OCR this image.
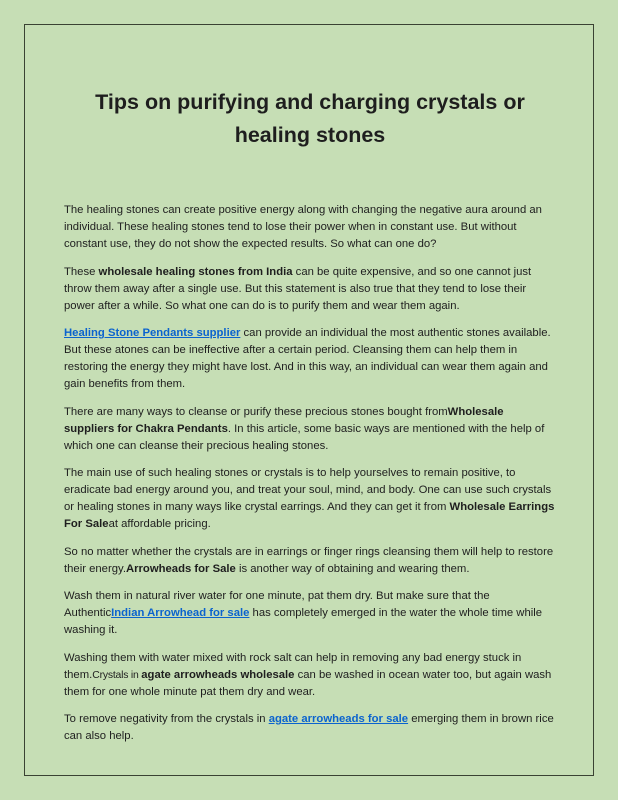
Tips on purifying and charging crystals or
healing stones

The healing stones can create positive energy along with changing the negative aura around an individual. These healing stones tend to lose their power when in constant use. But without constant use, they do not show the expected results. So what can one do?

These wholesale healing stones from India can be quite expensive, and so one cannot just throw them away after a single use. But this statement is also true that they tend to lose their power after a while. So what one can do is to purify them and wear them again.

Healing Stone Pendants supplier can provide an individual the most authentic stones available. But these atones can be ineffective after a certain period. Cleansing them can help them in restoring the energy they might have lost. And in this way, an individual can wear them again and gain benefits from them.

There are many ways to cleanse or purify these precious stones bought fromWholesale suppliers for Chakra Pendants. In this article, some basic ways are mentioned with the help of which one can cleanse their precious healing stones.

The main use of such healing stones or crystals is to help yourselves to remain positive, to eradicate bad energy around you, and treat your soul, mind, and body. One can use such crystals or healing stones in many ways like crystal earrings. And they can get it from Wholesale Earrings For Saleat affordable pricing.

So no matter whether the crystals are in earrings or finger rings cleansing them will help to restore their energy.Arrowheads for Sale is another way of obtaining and wearing them.

Wash them in natural river water for one minute, pat them dry. But make sure that the AuthenticIndian Arrowhead for sale has completely emerged in the water the whole time while washing it.

Washing them with water mixed with rock salt can help in removing any bad energy stuck in them.Crystals in agate arrowheads wholesale can be washed in ocean water too, but again wash them for one whole minute pat them dry and wear.

To remove negativity from the crystals in agate arrowheads for sale emerging them in brown rice can also help.
